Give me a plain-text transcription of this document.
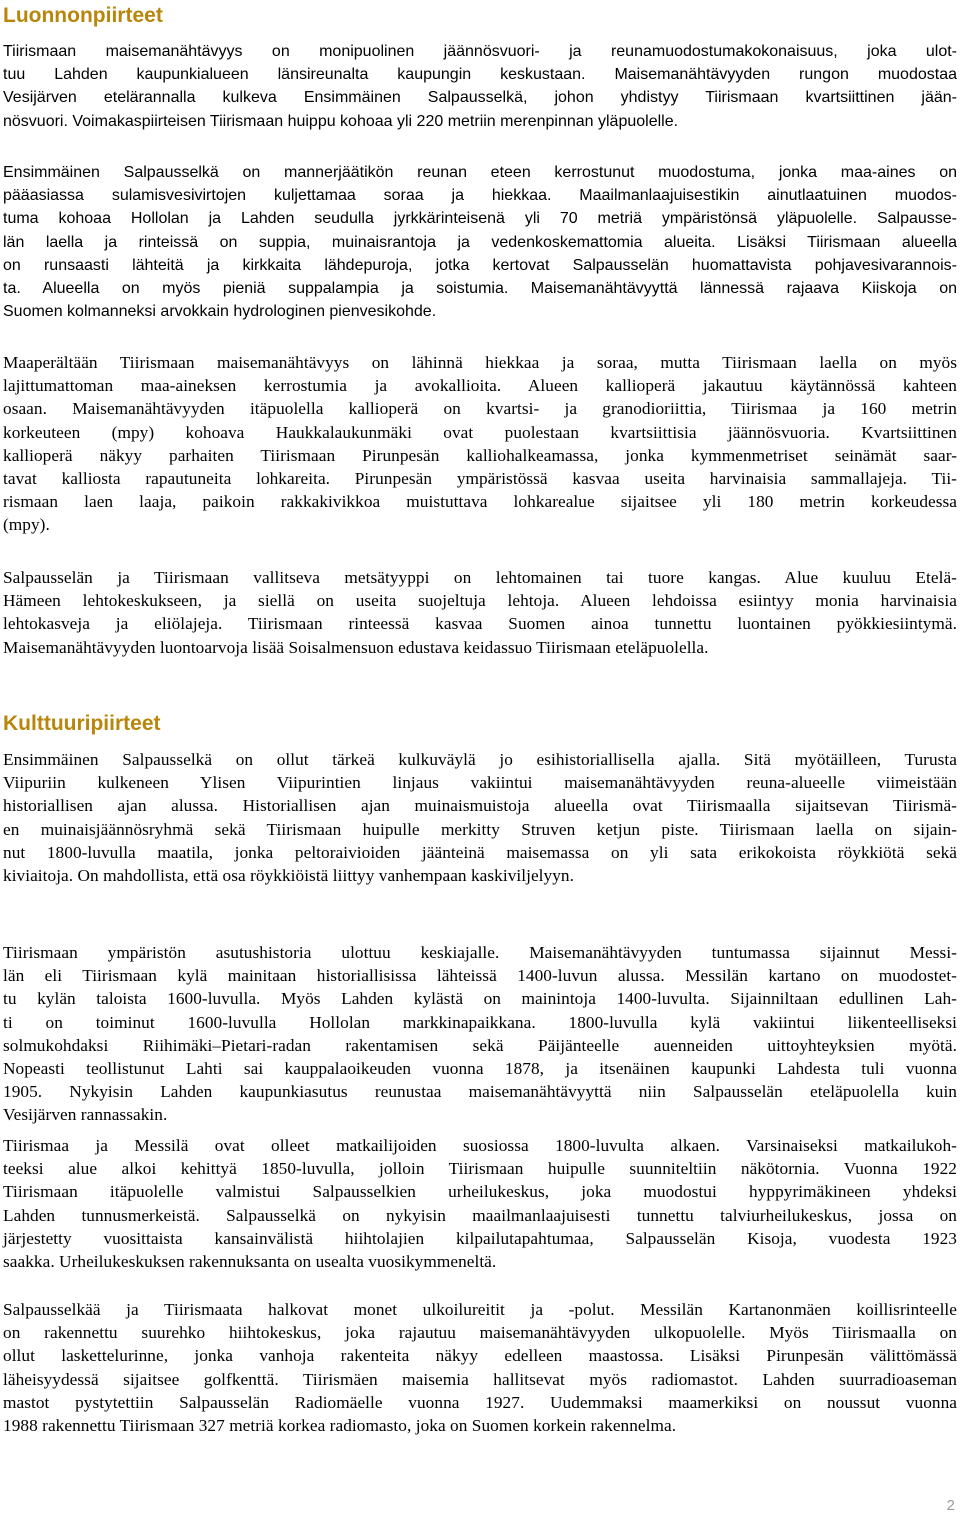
Luonnonpiirteet
Tiirismaan maisemanähtävyys on monipuolinen jäännösvuori- ja reunamuodostumakokonaisuus, joka ulot-
tuu Lahden kaupunkialueen länsireunalta kaupungin keskustaan. Maisemanähtävyyden rungon muodostaa
Vesijärven etelärannalla kulkeva Ensimmäinen Salpausselkä, johon yhdistyy Tiirismaan kvartsiittinen jään-
nösvuori. Voimakaspiirteisen Tiirismaan huippu kohoaa yli 220 metriin merenpinnan yläpuolelle.
Ensimmäinen Salpausselkä on mannerjäätikön reunan eteen kerrostunut muodostuma, jonka maa-aines on
pääasiassa sulamisvesivirtojen kuljettamaa soraa ja hiekkaa. Maailmanlaajuisestikin ainutlaatuinen muodos-
tuma kohoaa Hollolan ja Lahden seudulla jyrkkärinteisenä yli 70 metriä ympäristönsä yläpuolelle. Salpausse-
län laella ja rinteissä on suppia, muinaisrantoja ja vedenkoskemattomia alueita. Lisäksi Tiirismaan alueella
on runsaasti lähteitä ja kirkkaita lähdepuroja, jotka kertovat Salpausselän huomattavista pohjavesivarannois-
ta. Alueella on myös pieniä suppalampia ja soistumia. Maisemanähtävyyttä lännessä rajaava Kiiskoja on
Suomen kolmanneksi arvokkain hydrologinen pienvesikohde.
Maaperältään Tiirismaan maisemanähtävyys on lähinnä hiekkaa ja soraa, mutta Tiirismaan laella on myös
lajittumattoman maa-aineksen kerrostumia ja avokallioita. Alueen kallioperä jakautuu käytännössä kahteen
osaan. Maisemanähtävyyden itäpuolella kallioperä on kvartsi- ja granodioriittia, Tiirismaa ja 160 metrin
korkeuteen (mpy) kohoava Haukkalaukunmäki ovat puolestaan kvartsiittisia jäännösvuoria. Kvartsiittinen
kallioperä näkyy parhaiten Tiirismaan Pirunpesän kalliohalkeamassa, jonka kymmenmetriset seinämät saar-
tavat kalliosta rapautuneita lohkareita. Pirunpesän ympäristössä kasvaa useita harvinaisia sammallajeja. Tii-
rismaan laen laaja, paikoin rakkakivikkoa muistuttava lohkarealue sijaitsee yli 180 metrin korkeudessa
(mpy).
Salpausselän ja Tiirismaan vallitseva metsätyyppi on lehtomainen tai tuore kangas. Alue kuuluu Etelä-
Hämeen lehtokeskukseen, ja siellä on useita suojeltuja lehtoja. Alueen lehdoissa esiintyy monia harvinaisia
lehtokasveja ja eliölajeja. Tiirismaan rinteessä kasvaa Suomen ainoa tunnettu luontainen pyökkiesiintymä.
Maisemanähtävyyden luontoarvoja lisää Soisalmensuon edustava keidassuo Tiirismaan eteläpuolella.
Kulttuuripiirteet
Ensimmäinen Salpausselkä on ollut tärkeä kulkuväylä jo esihistoriallisella ajalla. Sitä myötäilleen, Turusta
Viipuriin kulkeneen Ylisen Viipurintien linjaus vakiintui maisemanähtävyyden reuna-alueelle viimeistään
historiallisen ajan alussa. Historiallisen ajan muinaismuistoja alueella ovat Tiirismaalla sijaitsevan Tiirismä-
en muinaisjäännösryhmä sekä Tiirismaan huipulle merkitty Struven ketjun piste. Tiirismaan laella on sijain-
nut 1800-luvulla maatila, jonka peltoraivioiden jäänteinä maisemassa on yli sata erikokoista röykkiötä sekä
kiviaitoja. On mahdollista, että osa röykkiöistä liittyy vanhempaan kaskiviljelyyn.
Tiirismaan ympäristön asutushistoria ulottuu keskiajalle. Maisemanähtävyyden tuntumassa sijainnut Messi-
län eli Tiirismaan kylä mainitaan historiallisissa lähteissä 1400-luvun alussa. Messilän kartano on muodostet-
tu kylän taloista 1600-luvulla. Myös Lahden kylästä on mainintoja 1400-luvulta. Sijainniltaan edullinen Lah-
ti on toiminut 1600-luvulla Hollolan markkinapaikkana. 1800-luvulla kylä vakiintui liikenteelliseksi
solmukohdaksi Riihimäki–Pietari-radan rakentamisen sekä Päijänteelle auenneiden uittoyhteyksien myötä.
Nopeasti teollistunut Lahti sai kauppalaoikeuden vuonna 1878, ja itsenäinen kaupunki Lahdesta tuli vuonna
1905. Nykyisin Lahden kaupunkiasutus reunustaa maisemanähtävyyttä niin Salpausselän eteläpuolella kuin
Vesijärven rannassakin.
Tiirismaa ja Messilä ovat olleet matkailijoiden suosiossa 1800-luvulta alkaen. Varsinaiseksi matkailukoh-
teeksi alue alkoi kehittyä 1850-luvulla, jolloin Tiirismaan huipulle suunniteltiin näkötornia. Vuonna 1922
Tiirismaan itäpuolelle valmistui Salpausselkien urheilukeskus, joka muodostui hyppyrimäkineen yhdeksi
Lahden tunnusmerkeistä. Salpausselkä on nykyisin maailmanlaajuisesti tunnettu talviurheilukeskus, jossa on
järjestetty vuosittaista kansainvälistä hiihtolajien kilpailutapahtumaa, Salpausselän Kisoja, vuodesta 1923
saakka. Urheilukeskuksen rakennuksanta on usealta vuosikymmeneltä.
Salpausselkää ja Tiirismaata halkovat monet ulkoilureitit ja -polut. Messilän Kartanonmäen koillisrinteelle
on rakennettu suurehko hiihtokeskus, joka rajautuu maisemanähtävyyden ulkopuolelle. Myös Tiirismaalla on
ollut laskettelurinne, jonka vanhoja rakenteita näkyy edelleen maastossa. Lisäksi Pirunpesän välittömässä
läheisyydessä sijaitsee golfkenttä. Tiirismäen maisemia hallitsevat myös radiomastot. Lahden suurradioaseman
mastot pystytettiin Salpausselän Radiomäelle vuonna 1927. Uudemmaksi maamerkiksi on noussut vuonna
1988 rakennettu Tiirismaan 327 metriä korkea radiomasto, joka on Suomen korkein rakennelma.
2
